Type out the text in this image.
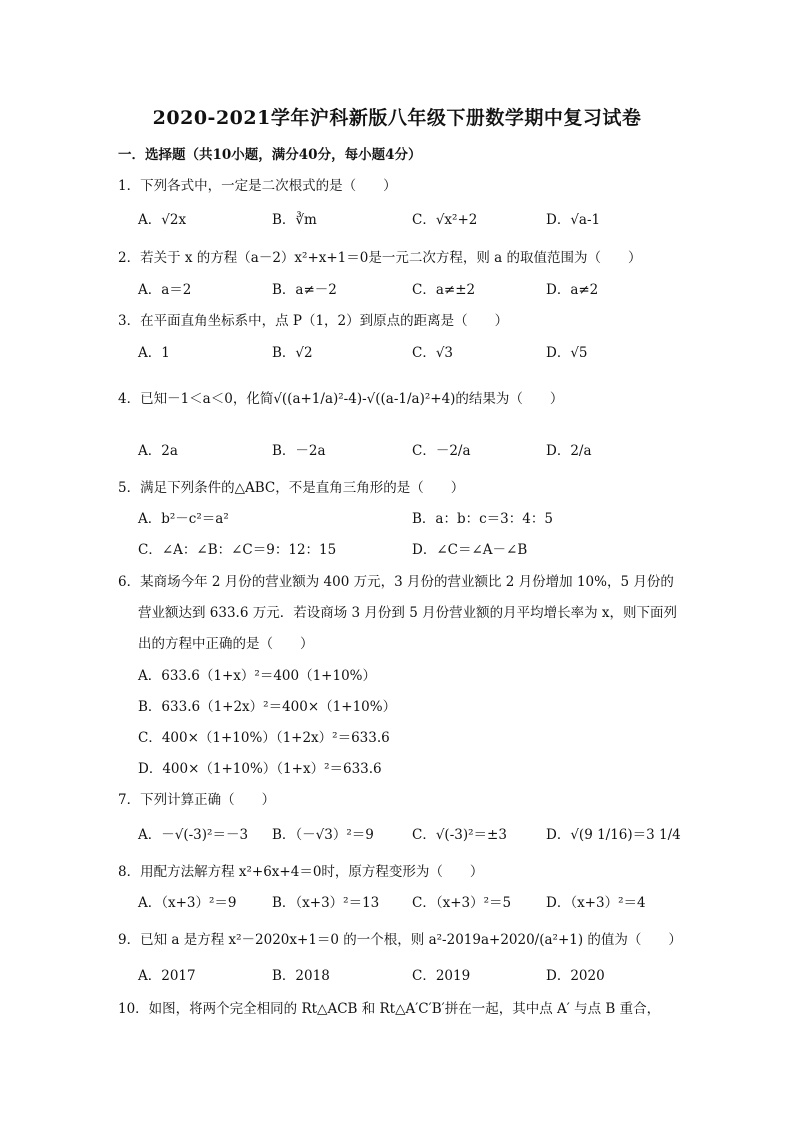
2020-2021学年沪科新版八年级下册数学期中复习试卷
一．选择题（共10小题，满分40分，每小题4分）
1．下列各式中，一定是二次根式的是（　　）
A．√2x	B．∛m	C．√x²+2	D．√a-1
2．若关于 x 的方程（a－2）x²+x+1＝0是一元二次方程，则 a 的取值范围为（　　）
A．a＝2	B．a≠－2	C．a≠±2	D．a≠2
3．在平面直角坐标系中，点 P（1，2）到原点的距离是（　　）
A．1	B．√2	C．√3	D．√5
4．已知－1＜a＜0，化简√((a+1/a)²-4)-√((a-1/a)²+4)的结果为（　　）
A．2a	B．－2a	C．－2/a	D．2/a
5．满足下列条件的△ABC，不是直角三角形的是（　　）
A．b²－c²＝a²	B．a：b：c＝3：4：5
C．∠A：∠B：∠C＝9：12：15	D．∠C＝∠A－∠B
6．某商场今年 2 月份的营业额为 400 万元，3 月份的营业额比 2 月份增加 10%，5 月份的
营业额达到 633.6 万元．若设商场 3 月份到 5 月份营业额的月平均增长率为 x，则下面列
出的方程中正确的是（　　）
A．633.6（1+x）²＝400（1+10%）
B．633.6（1+2x）²＝400×（1+10%）
C．400×（1+10%）（1+2x）²＝633.6
D．400×（1+10%）（1+x）²＝633.6
7．下列计算正确（　　）
A．－√(-3)²＝－3 B．（－√3）²＝9	C．√(-3)²＝±3	D．√(9 1/16)＝3 1/4
8．用配方法解方程 x²+6x+4＝0时，原方程变形为（　　）
A．（x+3）²＝9	B．（x+3）²＝13 C．（x+3）²＝5	D．（x+3）²＝4
9．已知 a 是方程 x²－2020x+1＝0 的一个根，则 a²-2019a+2020/(a²+1) 的值为（　　）
A．2017	B．2018	C．2019	D．2020
10．如图，将两个完全相同的 Rt△ACB 和 Rt△A′C′B′拼在一起，其中点 A′ 与点 B 重合，
